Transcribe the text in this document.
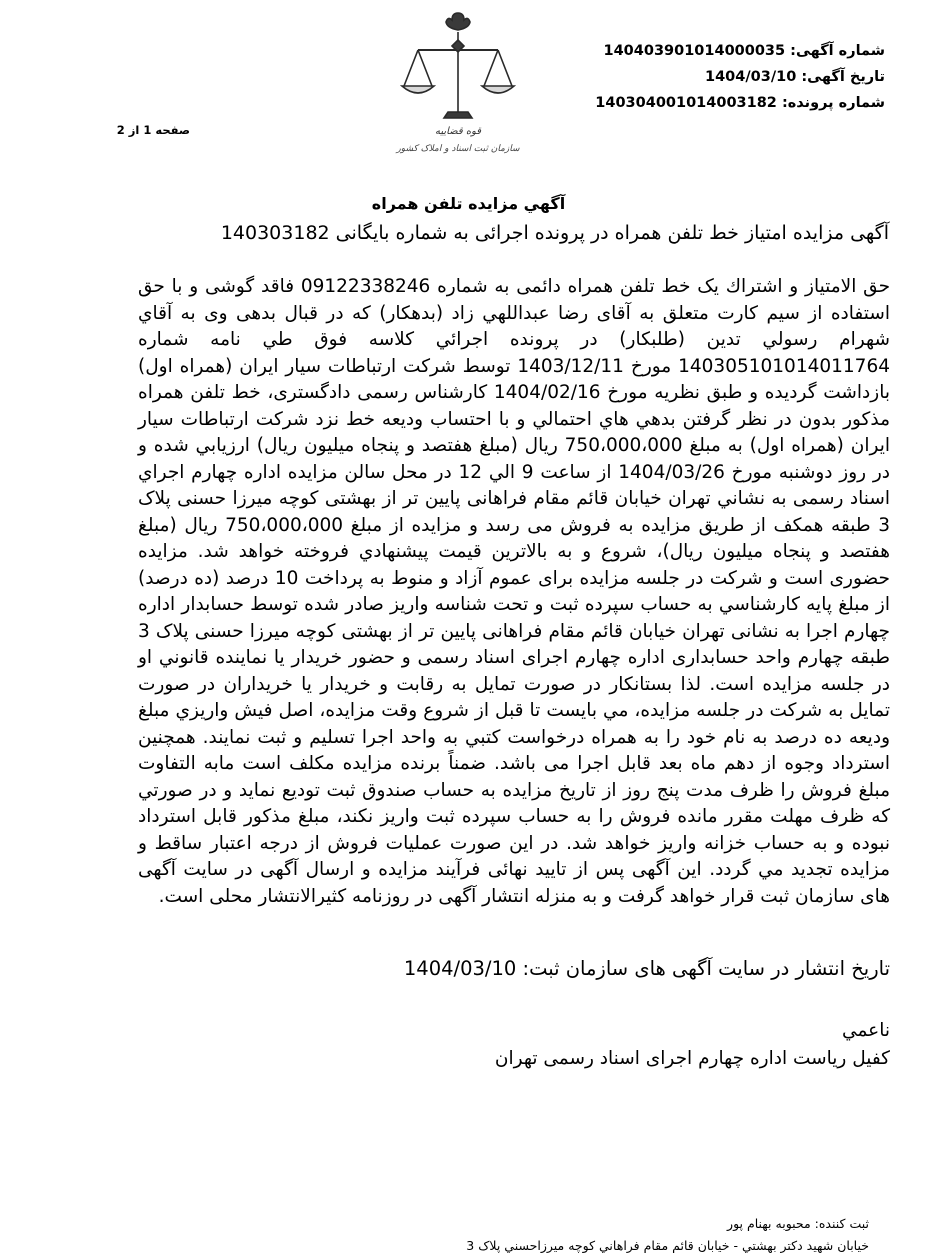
شماره آگهی: 140403901014000035
تاریخ آگهی: 1404/03/10
شماره پرونده: 140304001014003182
صفحه 1 از 2	قوه قضاییه
سازمان ثبت اسناد و املاک کشور
آگهي مزايده تلفن همراه
آگهی مزایده امتیاز خط تلفن همراه در پرونده اجرائی به شماره بایگانی 140303182
حق الامتياز و اشتراك يک خط تلفن همراه دائمی به شماره 09122338246 فاقد گوشی و با حق استفاده از سیم کارت متعلق به آقای رضا عبداللهي زاد (بدهكار) که در قبال بدهی وی به آقاي شهرام رسولي تدين (طلبكار) در پرونده اجرائي كلاسه فوق طي نامه شماره 140305101014011764 مورخ 1403/12/11 توسط شرکت ارتباطات سیار ایران (همراه اول) بازداشت گردیده و طبق نظريه مورخ 1404/02/16 کارشناس رسمی دادگستری، خط تلفن همراه مذكور بدون در نظر گرفتن بدهي هاي احتمالي و با احتساب وديعه خط نزد شرکت ارتباطات سیار ایران (همراه اول) به مبلغ 750،000،000 ريال (مبلغ هفتصد و پنجاه ميليون ريال) ارزيابي شده و در روز دوشنبه مورخ 1404/03/26 از ساعت 9 الي 12 در محل سالن مزايده اداره چهارم اجراي اسناد رسمی به نشاني تهران خيابان قائم مقام فراهانی پایین تر از بهشتی کوچه میرزا حسنی پلاک 3 طبقه همکف از طریق مزايده به فروش می رسد و مزایده از مبلغ 750،000،000 ريال (مبلغ هفتصد و پنجاه ميليون ريال)، شروع و به بالاترين قيمت پيشنهادي فروخته خواهد شد. مزایده حضوری است و شرکت در جلسه مزایده برای عموم آزاد و منوط به پرداخت 10 درصد (ده درصد) از مبلغ پايه كارشناسي به حساب سپرده ثبت و تحت شناسه واريز صادر شده توسط حسابدار اداره چهارم اجرا به نشانی تهران خیابان قائم مقام فراهانی پایین تر از بهشتی کوچه میرزا حسنی پلاک 3 طبقه چهارم واحد حسابداری اداره چهارم اجرای اسناد رسمی و حضور خريدار يا نماينده قانوني او در جلسه مزايده است. لذا بستانکار در صورت تمایل به رقابت و خریدار یا خريداران در صورت تمایل به شرکت در جلسه مزایده، مي بايست تا قبل از شروع وقت مزایده، اصل فيش واريزي مبلغ وديعه ده درصد به نام خود را به همراه درخواست كتبي به واحد اجرا تسليم و ثبت نمايند. همچنين استرداد وجوه از دهم ماه بعد قابل اجرا می باشد. ضمناً برنده مزایده مکلف است مابه التفاوت مبلغ فروش را ظرف مدت پنج روز از تاريخ مزايده به حساب صندوق ثبت توديع نمايد و در صورتي كه ظرف مهلت مقرر مانده فروش را به حساب سپرده ثبت واريز نكند، مبلغ مذكور قابل استرداد نبوده و به حساب خزانه واريز خواهد شد. در این صورت عملیات فروش از درجه اعتبار ساقط و مزايده تجديد مي گردد. این آگهی پس از تایید نهائی فرآیند مزایده و ارسال آگهی در سایت آگهی های سازمان ثبت قرار خواهد گرفت و به منزله انتشار آگهی در روزنامه کثیرالانتشار محلی است.
تاریخ انتشار در سایت آگهی های سازمان ثبت: 1404/03/10
ناعمي
کفیل ریاست اداره چهارم اجرای اسناد رسمی تهران
ثبت کننده: محبوبه بهنام پور
خيابان شهيد دكتر بهشتي - خيابان قائم مقام فراهاني كوچه ميرزاحسني پلاک 3
